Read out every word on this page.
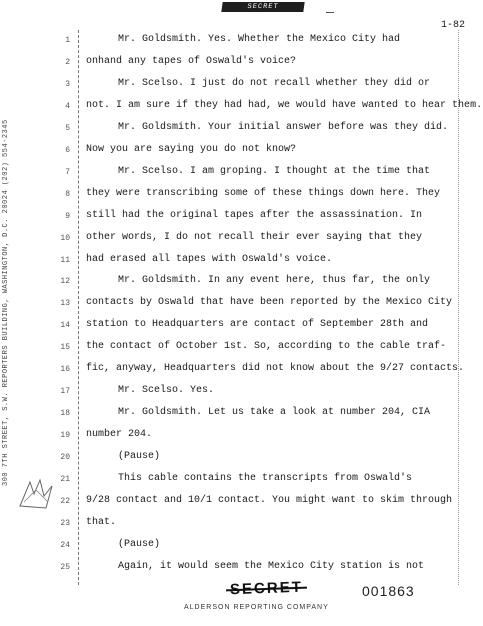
SECRET
1-82
300 7TH STREET, S.W. REPORTERS BUILDING, WASHINGTON, D.C. 20024 (202) 554-2345
1	Mr. Goldsmith. Yes. Whether the Mexico City had
2 onhand any tapes of Oswald's voice?
3	Mr. Scelso. I just do not recall whether they did or
4 not. I am sure if they had had, we would have wanted to hear them.
5	Mr. Goldsmith. Your initial answer before was they did.
6 Now you are saying you do not know?
7	Mr. Scelso. I am groping. I thought at the time that
8 they were transcribing some of these things down here. They
9 still had the original tapes after the assassination. In
10 other words, I do not recall their ever saying that they
11 had erased all tapes with Oswald's voice.
12	Mr. Goldsmith. In any event here, thus far, the only
13 contacts by Oswald that have been reported by the Mexico City
14 station to Headquarters are contact of September 28th and
15 the contact of October 1st. So, according to the cable traf-
16 fic, anyway, Headquarters did not know about the 9/27 contacts.
17	Mr. Scelso. Yes.
18	Mr. Goldsmith. Let us take a look at number 204, CIA
19 number 204.
20	(Pause)
21	This cable contains the transcripts from Oswald's
22 9/28 contact and 10/1 contact. You might want to skim through
23 that.
24	(Pause)
25	Again, it would seem the Mexico City station is not
SECRET	001863
ALDERSON REPORTING COMPANY
